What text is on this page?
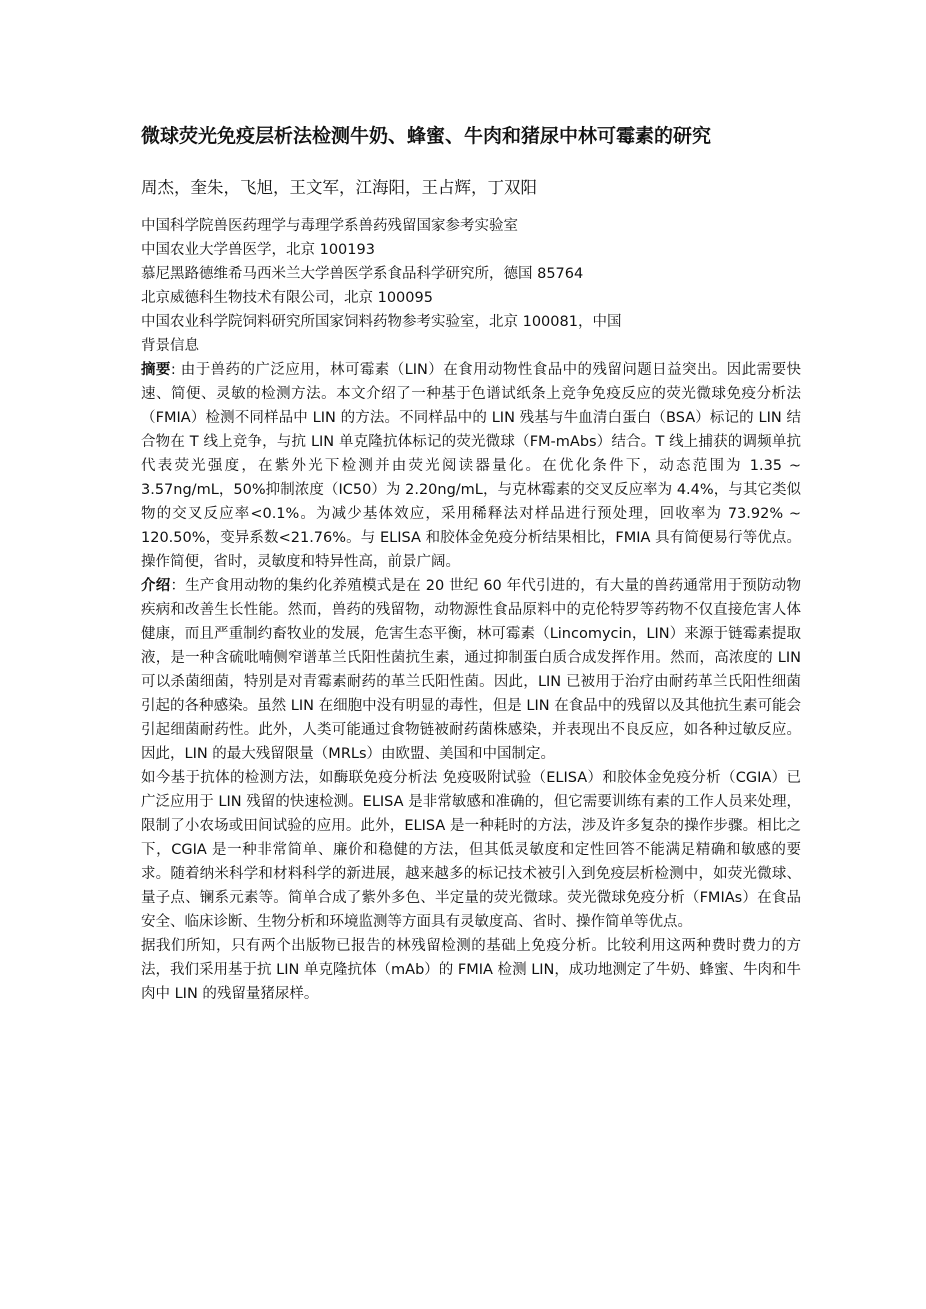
微球荧光免疫层析法检测牛奶、蜂蜜、牛肉和猪尿中林可霉素的研究
周杰，奎朱，飞旭，王文军，江海阳，王占辉，丁双阳
中国科学院兽医药理学与毒理学系兽药残留国家参考实验室
中国农业大学兽医学，北京 100193
慕尼黑路德维希马西米兰大学兽医学系食品科学研究所，德国 85764
北京威德科生物技术有限公司，北京 100095
中国农业科学院饲料研究所国家饲料药物参考实验室，北京 100081，中国
背景信息

摘要: 由于兽药的广泛应用，林可霉素（LIN）在食用动物性食品中的残留问题日益突出。因此需要快速、简便、灵敏的检测方法。本文介绍了一种基于色谱试纸条上竞争免疫反应的荧光微球免疫分析法（FMIA）检测不同样品中 LIN 的方法。不同样品中的 LIN 残基与牛血清白蛋白（BSA）标记的 LIN 结合物在 T 线上竞争，与抗 LIN 单克隆抗体标记的荧光微球（FM-mAbs）结合。T 线上捕获的调频单抗代表荧光强度，在紫外光下检测并由荧光阅读器量化。在优化条件下，动态范围为 1.35 ~ 3.57ng/mL，50%抑制浓度（IC50）为 2.20ng/mL，与克林霉素的交叉反应率为 4.4%，与其它类似物的交叉反应率<0.1%。为减少基体效应，采用稀释法对样品进行预处理，回收率为 73.92% ~ 120.50%，变异系数<21.76%。与 ELISA 和胶体金免疫分析结果相比，FMIA 具有简便易行等优点。操作简便，省时，灵敏度和特异性高，前景广阔。

介绍：生产食用动物的集约化养殖模式是在 20 世纪 60 年代引进的，有大量的兽药通常用于预防动物疾病和改善生长性能。然而，兽药的残留物，动物源性食品原料中的克伦特罗等药物不仅直接危害人体健康，而且严重制约畜牧业的发展，危害生态平衡，林可霉素（Lincomycin，LIN）来源于链霉素提取液，是一种含硫吡喃侧窄谱革兰氏阳性菌抗生素，通过抑制蛋白质合成发挥作用。然而，高浓度的 LIN 可以杀菌细菌，特别是对青霉素耐药的革兰氏阳性菌。因此，LIN 已被用于治疗由耐药革兰氏阳性细菌引起的各种感染。虽然 LIN 在细胞中没有明显的毒性，但是 LIN 在食品中的残留以及其他抗生素可能会引起细菌耐药性。此外，人类可能通过食物链被耐药菌株感染，并表现出不良反应，如各种过敏反应。因此，LIN 的最大残留限量（MRLs）由欧盟、美国和中国制定。

如今基于抗体的检测方法，如酶联免疫分析法 免疫吸附试验（ELISA）和胶体金免疫分析（CGIA）已广泛应用于 LIN 残留的快速检测。ELISA 是非常敏感和准确的，但它需要训练有素的工作人员来处理，限制了小农场或田间试验的应用。此外，ELISA 是一种耗时的方法，涉及许多复杂的操作步骤。相比之下，CGIA 是一种非常简单、廉价和稳健的方法，但其低灵敏度和定性回答不能满足精确和敏感的要求。随着纳米科学和材料科学的新进展，越来越多的标记技术被引入到免疫层析检测中，如荧光微球、量子点、镧系元素等。简单合成了紫外多色、半定量的荧光微球。荧光微球免疫分析（FMIAs）在食品安全、临床诊断、生物分析和环境监测等方面具有灵敏度高、省时、操作简单等优点。

据我们所知，只有两个出版物已报告的林残留检测的基础上免疫分析。比较利用这两种费时费力的方法，我们采用基于抗 LIN 单克隆抗体（mAb）的 FMIA 检测 LIN，成功地测定了牛奶、蜂蜜、牛肉和牛肉中 LIN 的残留量猪尿样。
